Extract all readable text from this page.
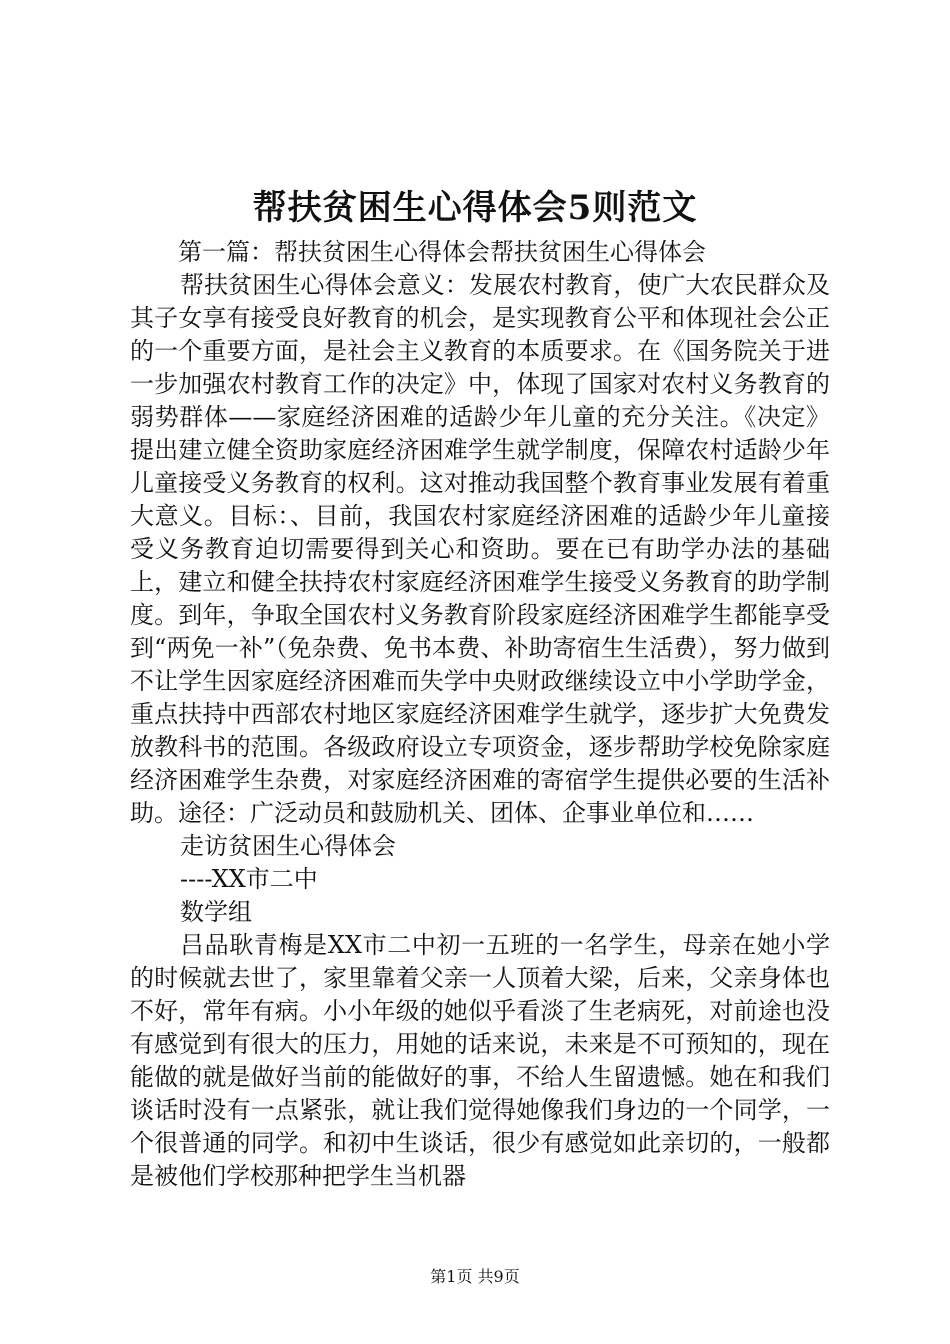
帮扶贫困生心得体会5则范文

第一篇：帮扶贫困生心得体会帮扶贫困生心得体会

帮扶贫困生心得体会意义：发展农村教育，使广大农民群众及其子女享有接受良好教育的机会，是实现教育公平和体现社会公正的一个重要方面，是社会主义教育的本质要求。在《国务院关于进一步加强农村教育工作的决定》中，体现了国家对农村义务教育的弱势群体——家庭经济困难的适龄少年儿童的充分关注。《决定》提出建立健全资助家庭经济困难学生就学制度，保障农村适龄少年儿童接受义务教育的权利。这对推动我国整个教育事业发展有着重大意义。目标：、目前，我国农村家庭经济困难的适龄少年儿童接受义务教育迫切需要得到关心和资助。要在已有助学办法的基础上，建立和健全扶持农村家庭经济困难学生接受义务教育的助学制度。到年，争取全国农村义务教育阶段家庭经济困难学生都能享受到“两免一补”（免杂费、免书本费、补助寄宿生生活费），努力做到不让学生因家庭经济困难而失学中央财政继续设立中小学助学金，重点扶持中西部农村地区家庭经济困难学生就学，逐步扩大免费发放教科书的范围。各级政府设立专项资金，逐步帮助学校免除家庭经济困难学生杂费，对家庭经济困难的寄宿学生提供必要的生活补助。途径：广泛动员和鼓励机关、团体、企事业单位和……

走访贫困生心得体会

----XX市二中

数学组

吕品耿青梅是XX市二中初一五班的一名学生，母亲在她小学的时候就去世了，家里靠着父亲一人顶着大梁，后来，父亲身体也不好，常年有病。小小年级的她似乎看淡了生老病死，对前途也没有感觉到有很大的压力，用她的话来说，未来是不可预知的，现在能做的就是做好当前的能做好的事，不给人生留遗憾。她在和我们谈话时没有一点紧张，就让我们觉得她像我们身边的一个同学，一个很普通的同学。和初中生谈话，很少有感觉如此亲切的，一般都是被他们学校那种把学生当机器

第1页 共9页
